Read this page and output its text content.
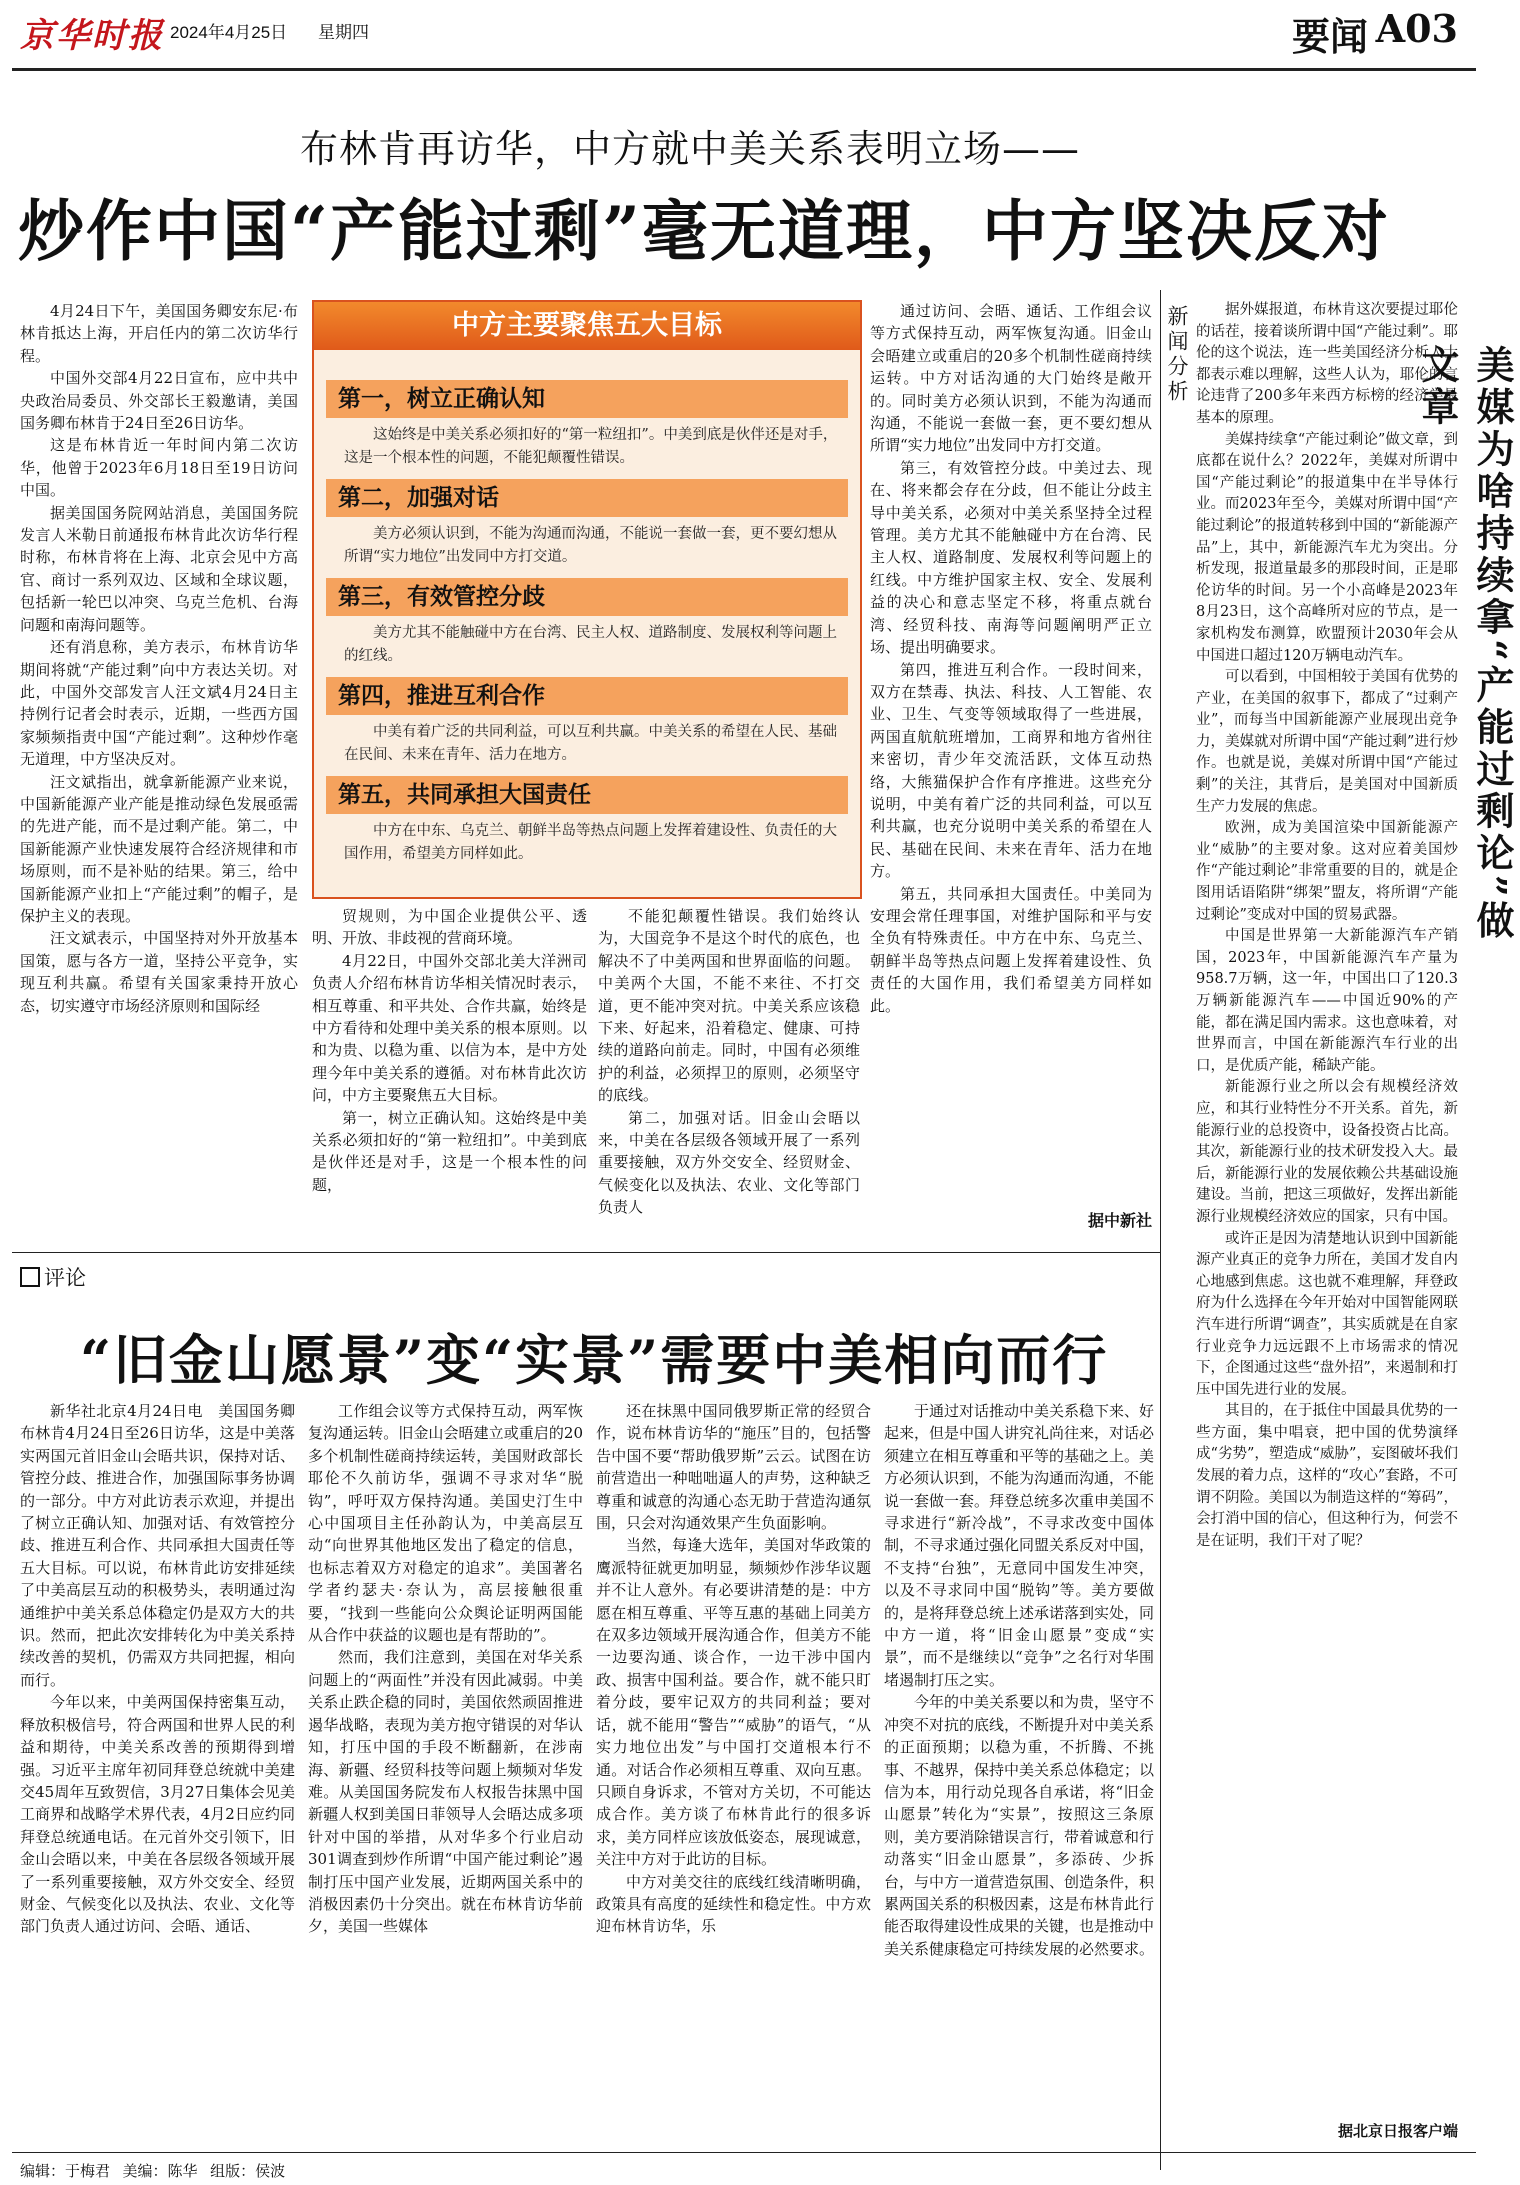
京华时报 2024年4月25日 星期四	要闻 A03
布林肯再访华，中方就中美关系表明立场——
炒作中国“产能过剩”毫无道理，中方坚决反对

4月24日下午，美国国务卿安东尼·布林肯抵达上海，开启任内的第二次访华行程。

中国外交部4月22日宣布，应中共中央政治局委员、外交部长王毅邀请，美国国务卿布林肯于24日至26日访华。

这是布林肯近一年时间内第二次访华，他曾于2023年6月18日至19日访问中国。

据美国国务院网站消息，美国国务院发言人米勒日前通报布林肯此次访华行程时称，布林肯将在上海、北京会见中方高官、商讨一系列双边、区域和全球议题，包括新一轮巴以冲突、乌克兰危机、台海问题和南海问题等。

还有消息称，美方表示，布林肯访华期间将就“产能过剩”向中方表达关切。对此，中国外交部发言人汪文斌4月24日主持例行记者会时表示，近期，一些西方国家频频指责中国“产能过剩”。这种炒作毫无道理，中方坚决反对。

汪文斌指出，就拿新能源产业来说，中国新能源产业产能是推动绿色发展亟需的先进产能，而不是过剩产能。第二，中国新能源产业快速发展符合经济规律和市场原则，而不是补贴的结果。第三，给中国新能源产业扣上“产能过剩”的帽子，是保护主义的表现。

汪文斌表示，中国坚持对外开放基本国策，愿与各方一道，坚持公平竞争，实现互利共赢。希望有关国家秉持开放心态，切实遵守市场经济原则和国际经

贸规则，为中国企业提供公平、透明、开放、非歧视的营商环境。

4月22日，中国外交部北美大洋洲司负责人介绍布林肯访华相关情况时表示，相互尊重、和平共处、合作共赢，始终是中方看待和处理中美关系的根本原则。以和为贵、以稳为重、以信为本，是中方处理今年中美关系的遵循。对布林肯此次访问，中方主要聚焦五大目标。

第一，树立正确认知。这始终是中美关系必须扣好的“第一粒纽扣”。中美到底是伙伴还是对手，这是一个根本性的问题，

不能犯颠覆性错误。我们始终认为，大国竞争不是这个时代的底色，也解决不了中美两国和世界面临的问题。中美两个大国，不能不来往、不打交道，更不能冲突对抗。中美关系应该稳下来、好起来，沿着稳定、健康、可持续的道路向前走。同时，中国有必须维护的利益，必须捍卫的原则，必须坚守的底线。

第二，加强对话。旧金山会晤以来，中美在各层级各领域开展了一系列重要接触，双方外交安全、经贸财金、气候变化以及执法、农业、文化等部门负责人

通过访问、会晤、通话、工作组会议等方式保持互动，两军恢复沟通。旧金山会晤建立或重启的20多个机制性磋商持续运转。中方对话沟通的大门始终是敞开的。同时美方必须认识到，不能为沟通而沟通，不能说一套做一套，更不要幻想从所谓“实力地位”出发同中方打交道。

第三，有效管控分歧。中美过去、现在、将来都会存在分歧，但不能让分歧主导中美关系，必须对中美关系坚持全过程管理。美方尤其不能触碰中方在台湾、民主人权、道路制度、发展权利等问题上的红线。中方维护国家主权、安全、发展利益的决心和意志坚定不移，将重点就台湾、经贸科技、南海等问题阐明严正立场、提出明确要求。

第四，推进互利合作。一段时间来，双方在禁毒、执法、科技、人工智能、农业、卫生、气变等领域取得了一些进展，两国直航航班增加，工商界和地方省州往来密切，青少年交流活跃，文体互动热络，大熊猫保护合作有序推进。这些充分说明，中美有着广泛的共同利益，可以互利共赢，也充分说明中美关系的希望在人民、基础在民间、未来在青年、活力在地方。

第五，共同承担大国责任。中美同为安理会常任理事国，对维护国际和平与安全负有特殊责任。中方在中东、乌克兰、朝鲜半岛等热点问题上发挥着建设性、负责任的大国作用，我们希望美方同样如此。

据中新社
中方主要聚焦五大目标
第一，树立正确认知
这始终是中美关系必须扣好的“第一粒纽扣”。中美到底是伙伴还是对手，这是一个根本性的问题，不能犯颠覆性错误。
第二，加强对话
美方必须认识到，不能为沟通而沟通，不能说一套做一套，更不要幻想从所谓“实力地位”出发同中方打交道。
第三，有效管控分歧
美方尤其不能触碰中方在台湾、民主人权、道路制度、发展权利等问题上的红线。
第四，推进互利合作
中美有着广泛的共同利益，可以互利共赢。中美关系的希望在人民、基础在民间、未来在青年、活力在地方。
第五，共同承担大国责任
中方在中东、乌克兰、朝鲜半岛等热点问题上发挥着建设性、负责任的大国作用，希望美方同样如此。
新闻分析	美媒为啥持续拿“产能过剩论”做文章

据外媒报道，布林肯这次要提过耶伦的话茬，接着谈所谓中国“产能过剩”。耶伦的这个说法，连一些美国经济分析人士都表示难以理解，这些人认为，耶伦的言论违背了200多年来西方标榜的经济学最基本的原理。

美媒持续拿“产能过剩论”做文章，到底都在说什么？2022年，美媒对所谓中国“产能过剩论”的报道集中在半导体行业。而2023年至今，美媒对所谓中国“产能过剩论”的报道转移到中国的“新能源产品”上，其中，新能源汽车尤为突出。分析发现，报道量最多的那段时间，正是耶伦访华的时间。另一个小高峰是2023年8月23日，这个高峰所对应的节点，是一家机构发布测算，欧盟预计2030年会从中国进口超过120万辆电动汽车。

可以看到，中国相较于美国有优势的产业，在美国的叙事下，都成了“过剩产业”，而每当中国新能源产业展现出竞争力，美媒就对所谓中国“产能过剩”进行炒作。也就是说，美媒对所谓中国“产能过剩”的关注，其背后，是美国对中国新质生产力发展的焦虑。

欧洲，成为美国渲染中国新能源产业“威胁”的主要对象。这对应着美国炒作“产能过剩论”非常重要的目的，就是企图用话语陷阱“绑架”盟友，将所谓“产能过剩论”变成对中国的贸易武器。

中国是世界第一大新能源汽车产销国，2023年，中国新能源汽车产量为958.7万辆，这一年，中国出口了120.3万辆新能源汽车——中国近90%的产能，都在满足国内需求。这也意味着，对世界而言，中国在新能源汽车行业的出口，是优质产能，稀缺产能。

新能源行业之所以会有规模经济效应，和其行业特性分不开关系。首先，新能源行业的总投资中，设备投资占比高。其次，新能源行业的技术研发投入大。最后，新能源行业的发展依赖公共基础设施建设。当前，把这三项做好，发挥出新能源行业规模经济效应的国家，只有中国。

或许正是因为清楚地认识到中国新能源产业真正的竞争力所在，美国才发自内心地感到焦虑。这也就不难理解，拜登政府为什么选择在今年开始对中国智能网联汽车进行所谓“调查”，其实质就是在自家行业竞争力远远跟不上市场需求的情况下，企图通过这些“盘外招”，来遏制和打压中国先进行业的发展。

其目的，在于抵住中国最具优势的一些方面，集中唱衰，把中国的优势演绎成“劣势”，塑造成“威胁”，妄图破坏我们发展的着力点，这样的“攻心”套路，不可谓不阴险。美国以为制造这样的“筹码”，会打消中国的信心，但这种行为，何尝不是在证明，我们干对了呢？

据北京日报客户端
评论
“旧金山愿景”变“实景”需要中美相向而行

新华社北京4月24日电　美国国务卿布林肯4月24日至26日访华，这是中美落实两国元首旧金山会晤共识，保持对话、管控分歧、推进合作，加强国际事务协调的一部分。中方对此访表示欢迎，并提出了树立正确认知、加强对话、有效管控分歧、推进互利合作、共同承担大国责任等五大目标。可以说，布林肯此访安排延续了中美高层互动的积极势头，表明通过沟通维护中美关系总体稳定仍是双方大的共识。然而，把此次安排转化为中美关系持续改善的契机，仍需双方共同把握，相向而行。

今年以来，中美两国保持密集互动，释放积极信号，符合两国和世界人民的利益和期待，中美关系改善的预期得到增强。习近平主席年初同拜登总统就中美建交45周年互致贺信，3月27日集体会见美工商界和战略学术界代表，4月2日应约同拜登总统通电话。在元首外交引领下，旧金山会晤以来，中美在各层级各领域开展了一系列重要接触，双方外交安全、经贸财金、气候变化以及执法、农业、文化等部门负责人通过访问、会晤、通话、

工作组会议等方式保持互动，两军恢复沟通运转。旧金山会晤建立或重启的20多个机制性磋商持续运转，美国财政部长耶伦不久前访华，强调不寻求对华“脱钩”，呼吁双方保持沟通。美国史汀生中心中国项目主任孙韵认为，中美高层互动“向世界其他地区发出了稳定的信息，也标志着双方对稳定的追求”。美国著名学者约瑟夫·奈认为，高层接触很重要，“找到一些能向公众舆论证明两国能从合作中获益的议题也是有帮助的”。

然而，我们注意到，美国在对华关系问题上的“两面性”并没有因此减弱。中美关系止跌企稳的同时，美国依然顽固推进遏华战略，表现为美方抱守错误的对华认知，打压中国的手段不断翻新，在涉南海、新疆、经贸科技等问题上频频对华发难。从美国国务院发布人权报告抹黑中国新疆人权到美国日菲领导人会晤达成多项针对中国的举措，从对华多个行业启动301调查到炒作所谓“中国产能过剩论”遏制打压中国产业发展，近期两国关系中的消极因素仍十分突出。就在布林肯访华前夕，美国一些媒体

还在抹黑中国同俄罗斯正常的经贸合作，说布林肯访华的“施压”目的，包括警告中国不要“帮助俄罗斯”云云。试图在访前营造出一种咄咄逼人的声势，这种缺乏尊重和诚意的沟通心态无助于营造沟通氛围，只会对沟通效果产生负面影响。

当然，每逢大选年，美国对华政策的鹰派特征就更加明显，频频炒作涉华议题并不让人意外。有必要讲清楚的是：中方愿在相互尊重、平等互惠的基础上同美方在双多边领域开展沟通合作，但美方不能一边要沟通、谈合作，一边干涉中国内政、损害中国利益。要合作，就不能只盯着分歧，要牢记双方的共同利益；要对话，就不能用“警告”“威胁”的语气，“从实力地位出发”与中国打交道根本行不通。对话合作必须相互尊重、双向互惠。只顾自身诉求，不管对方关切，不可能达成合作。美方谈了布林肯此行的很多诉求，美方同样应该放低姿态，展现诚意，关注中方对于此访的目标。

中方对美交往的底线红线清晰明确，政策具有高度的延续性和稳定性。中方欢迎布林肯访华，乐

于通过对话推动中美关系稳下来、好起来，但是中国人讲究礼尚往来，对话必须建立在相互尊重和平等的基础之上。美方必须认识到，不能为沟通而沟通，不能说一套做一套。拜登总统多次重申美国不寻求进行“新冷战”，不寻求改变中国体制，不寻求通过强化同盟关系反对中国，不支持“台独”，无意同中国发生冲突，以及不寻求同中国“脱钩”等。美方要做的，是将拜登总统上述承诺落到实处，同中方一道，将“旧金山愿景”变成“实景”，而不是继续以“竞争”之名行对华围堵遏制打压之实。

今年的中美关系要以和为贵，坚守不冲突不对抗的底线，不断提升对中美关系的正面预期；以稳为重，不折腾、不挑事、不越界，保持中美关系总体稳定；以信为本，用行动兑现各自承诺，将“旧金山愿景”转化为“实景”，按照这三条原则，美方要消除错误言行，带着诚意和行动落实“旧金山愿景”，多添砖、少拆台，与中方一道营造氛围、创造条件，积累两国关系的积极因素，这是布林肯此行能否取得建设性成果的关键，也是推动中美关系健康稳定可持续发展的必然要求。

编辑：于梅君 美编：陈华 组版：侯波
